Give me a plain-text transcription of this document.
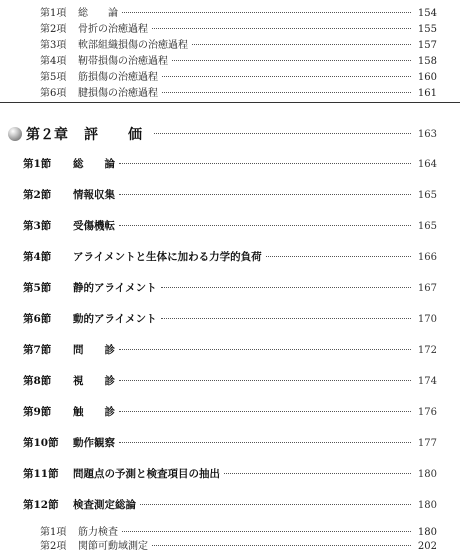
第1項	総　　論	154
第2項	骨折の治癒過程	155
第3項	軟部組織損傷の治癒過程	157
第4項	靭帯損傷の治癒過程	158
第5項	筋損傷の治癒過程	160
第6項	腱損傷の治癒過程	161
第２章 評　価	163
第1節	総　　論	164
第2節	情報収集	165
第3節	受傷機転	165
第4節	アライメントと生体に加わる力学的負荷	166
第5節	静的アライメント	167
第6節	動的アライメント	170
第7節	問　　診	172
第8節	視　　診	174
第9節	触　　診	176
第10節	動作観察	177
第11節	問題点の予測と検査項目の抽出	180
第12節	検査測定総論	180
第1項	筋力検査	180
第2項	関節可動域測定	202
